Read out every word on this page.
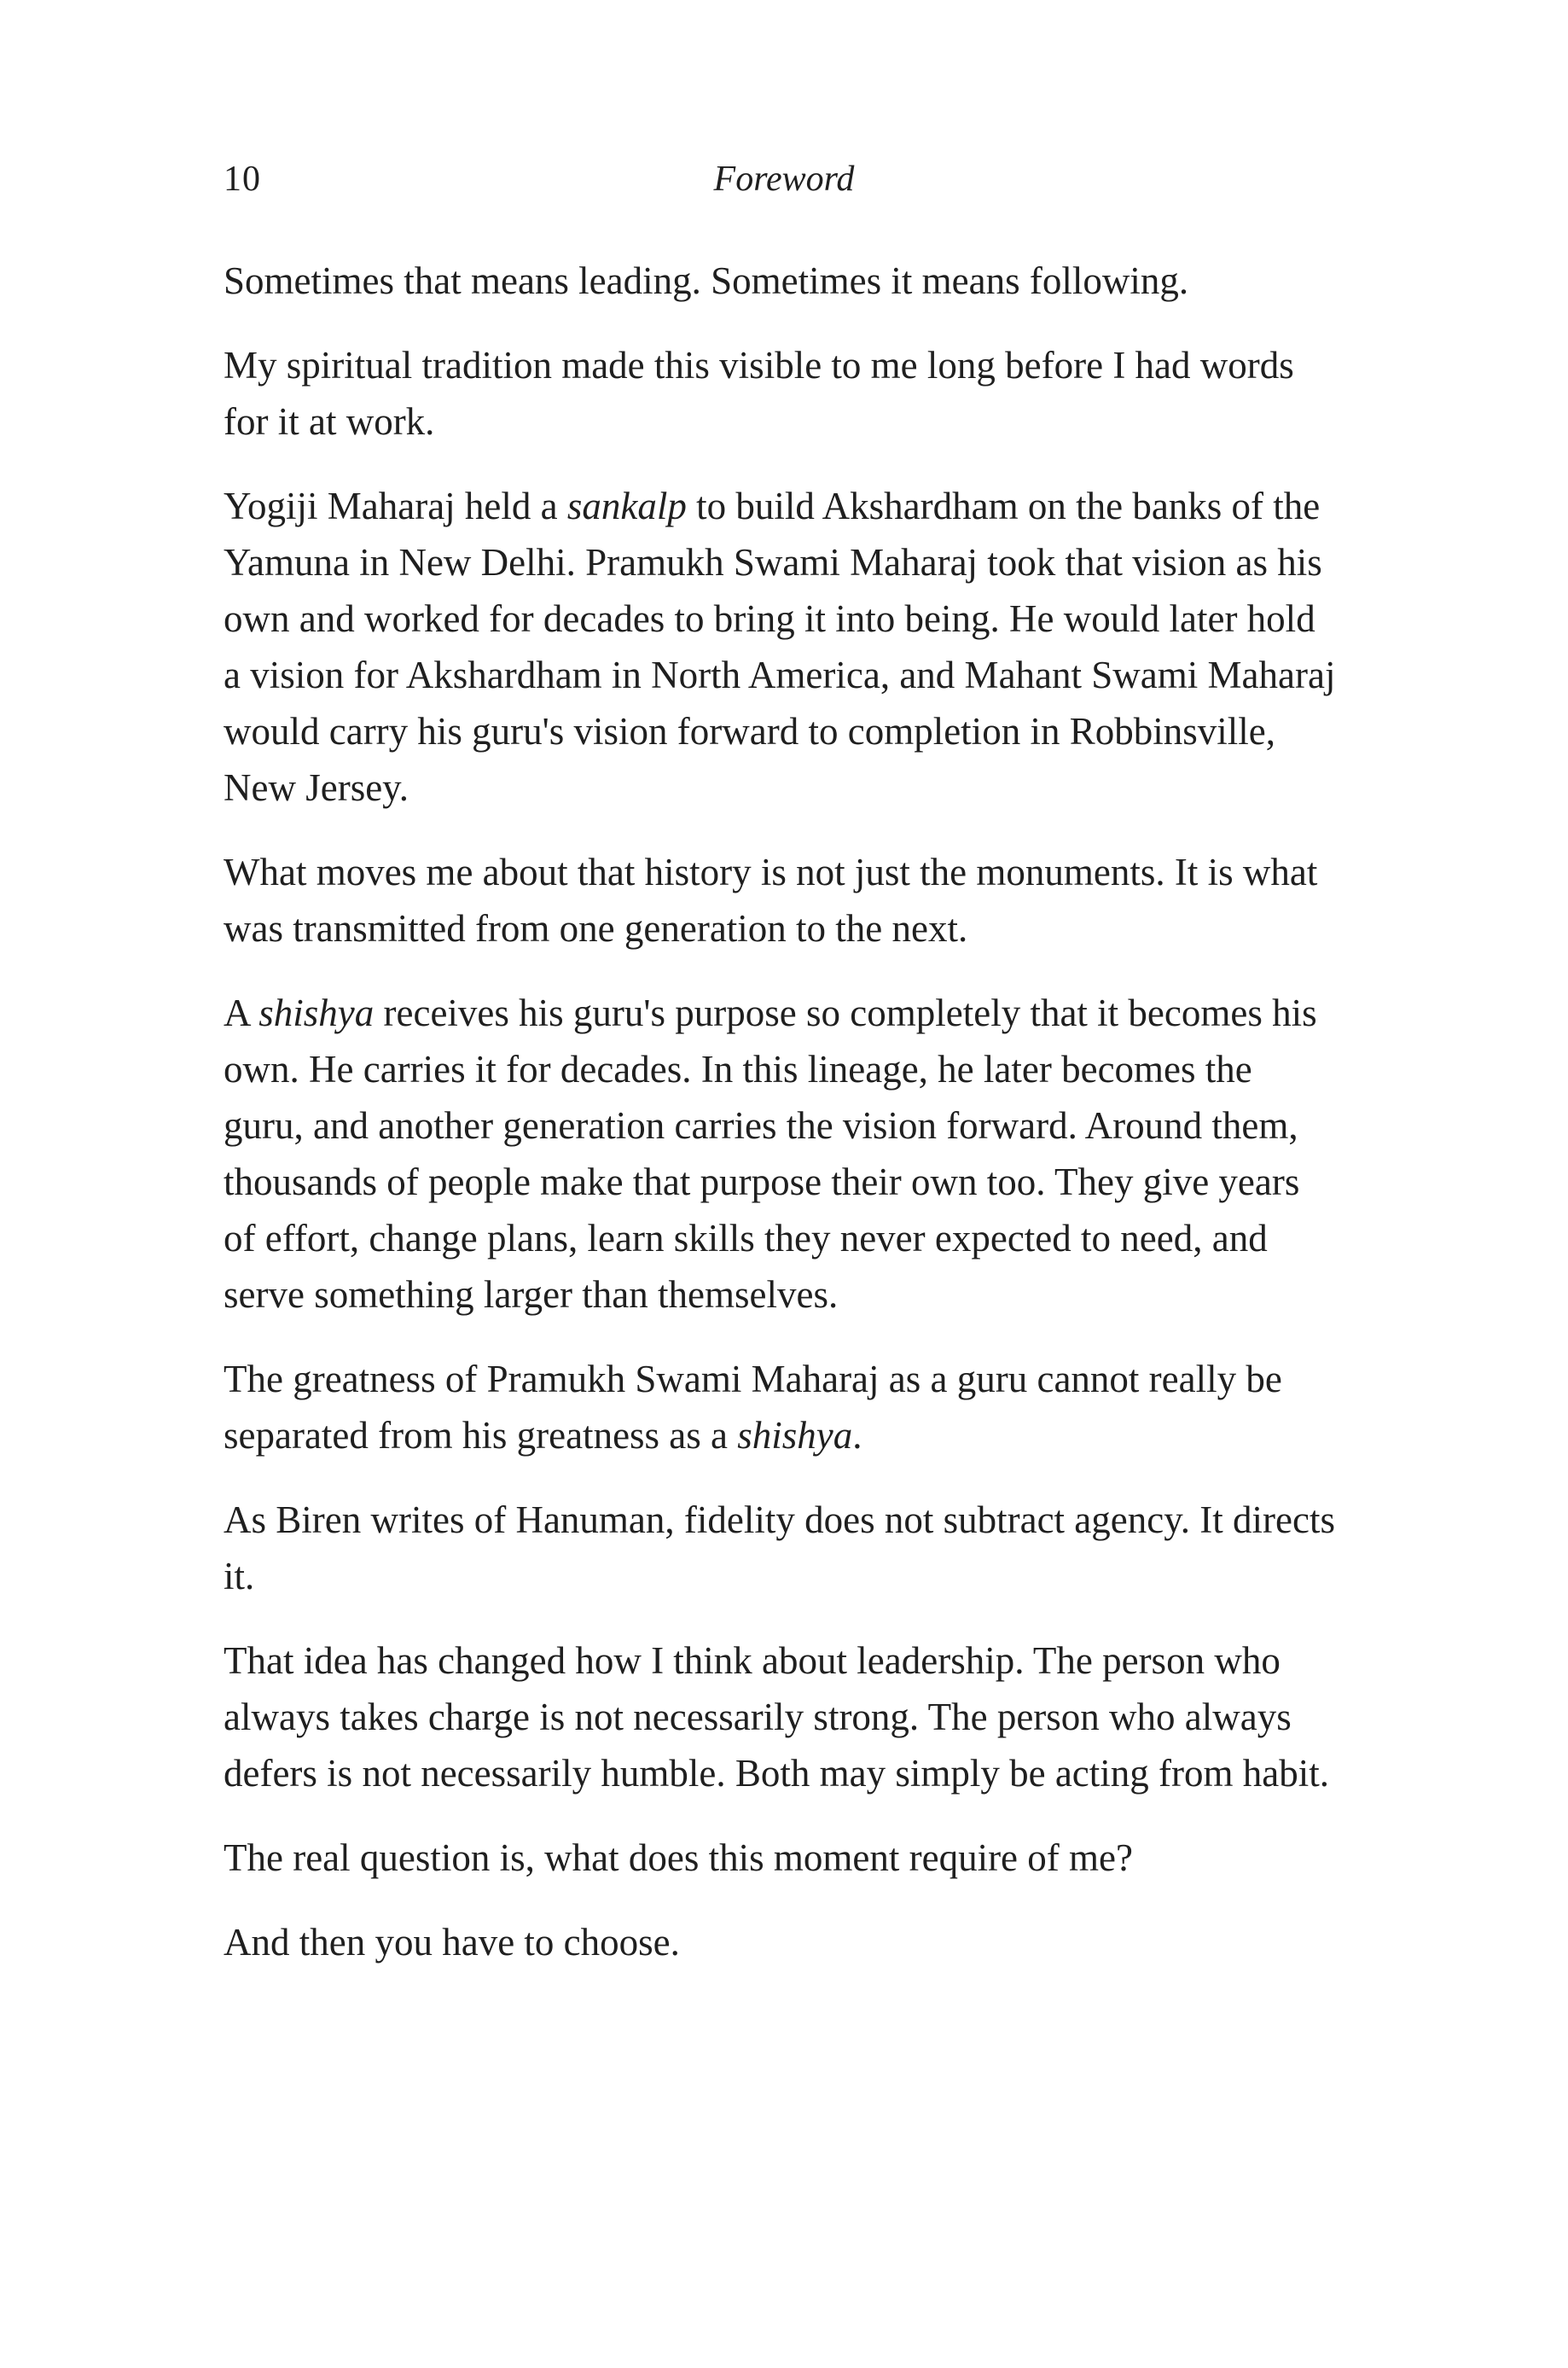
10	Foreword

Sometimes that means leading. Sometimes it means following.

My spiritual tradition made this visible to me long before I had words for it at work.

Yogiji Maharaj held a sankalp to build Akshardham on the banks of the Yamuna in New Delhi. Pramukh Swami Maharaj took that vision as his own and worked for decades to bring it into being. He would later hold a vision for Akshardham in North America, and Mahant Swami Maharaj would carry his guru's vision forward to completion in Robbinsville, New Jersey.

What moves me about that history is not just the monuments. It is what was transmitted from one generation to the next.

A shishya receives his guru's purpose so completely that it becomes his own. He carries it for decades. In this lineage, he later becomes the guru, and another generation carries the vision forward. Around them, thousands of people make that purpose their own too. They give years of effort, change plans, learn skills they never expected to need, and serve something larger than themselves.

The greatness of Pramukh Swami Maharaj as a guru cannot really be separated from his greatness as a shishya.

As Biren writes of Hanuman, fidelity does not subtract agency. It directs it.

That idea has changed how I think about leadership. The person who always takes charge is not necessarily strong. The person who always defers is not necessarily humble. Both may simply be acting from habit.

The real question is, what does this moment require of me?

And then you have to choose.
